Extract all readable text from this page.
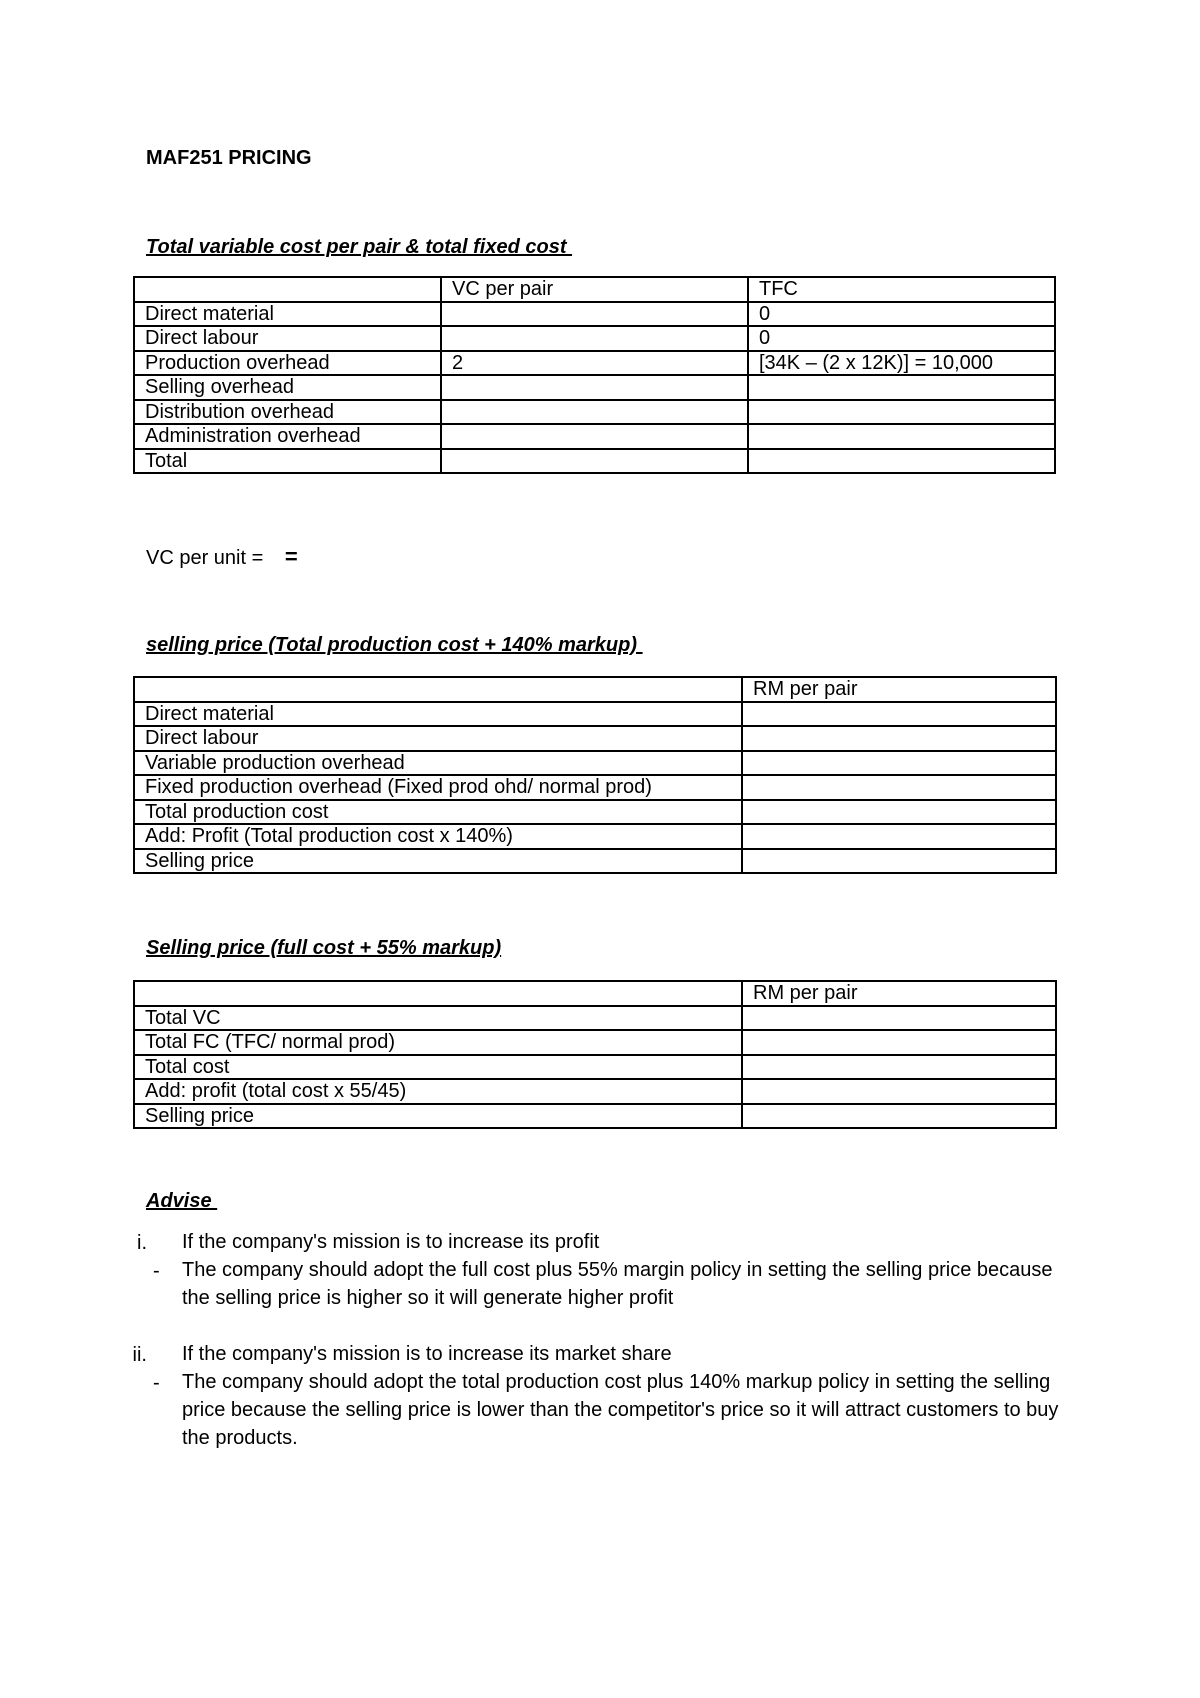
MAF251 PRICING
Total variable cost per pair & total fixed cost
	VC per pair	TFC
Direct material		0
Direct labour		0
Production overhead	2	[34K – (2 x 12K)] = 10,000
Selling overhead		
Distribution overhead		
Administration overhead		
Total		
VC per unit = =
selling price (Total production cost + 140% markup)
	RM per pair
Direct material	
Direct labour	
Variable production overhead	
Fixed production overhead (Fixed prod ohd/ normal prod)	
Total production cost	
Add: Profit (Total production cost x 140%)	
Selling price	
Selling price (full cost + 55% markup)
	RM per pair
Total VC	
Total FC (TFC/ normal prod)	
Total cost	
Add: profit (total cost x 55/45)	
Selling price	
Advise
i. If the company's mission is to increase its profit
- The company should adopt the full cost plus 55% margin policy in setting the selling price because the selling price is higher so it will generate higher profit
ii. If the company's mission is to increase its market share
- The company should adopt the total production cost plus 140% markup policy in setting the selling price because the selling price is lower than the competitor's price so it will attract customers to buy the products.
